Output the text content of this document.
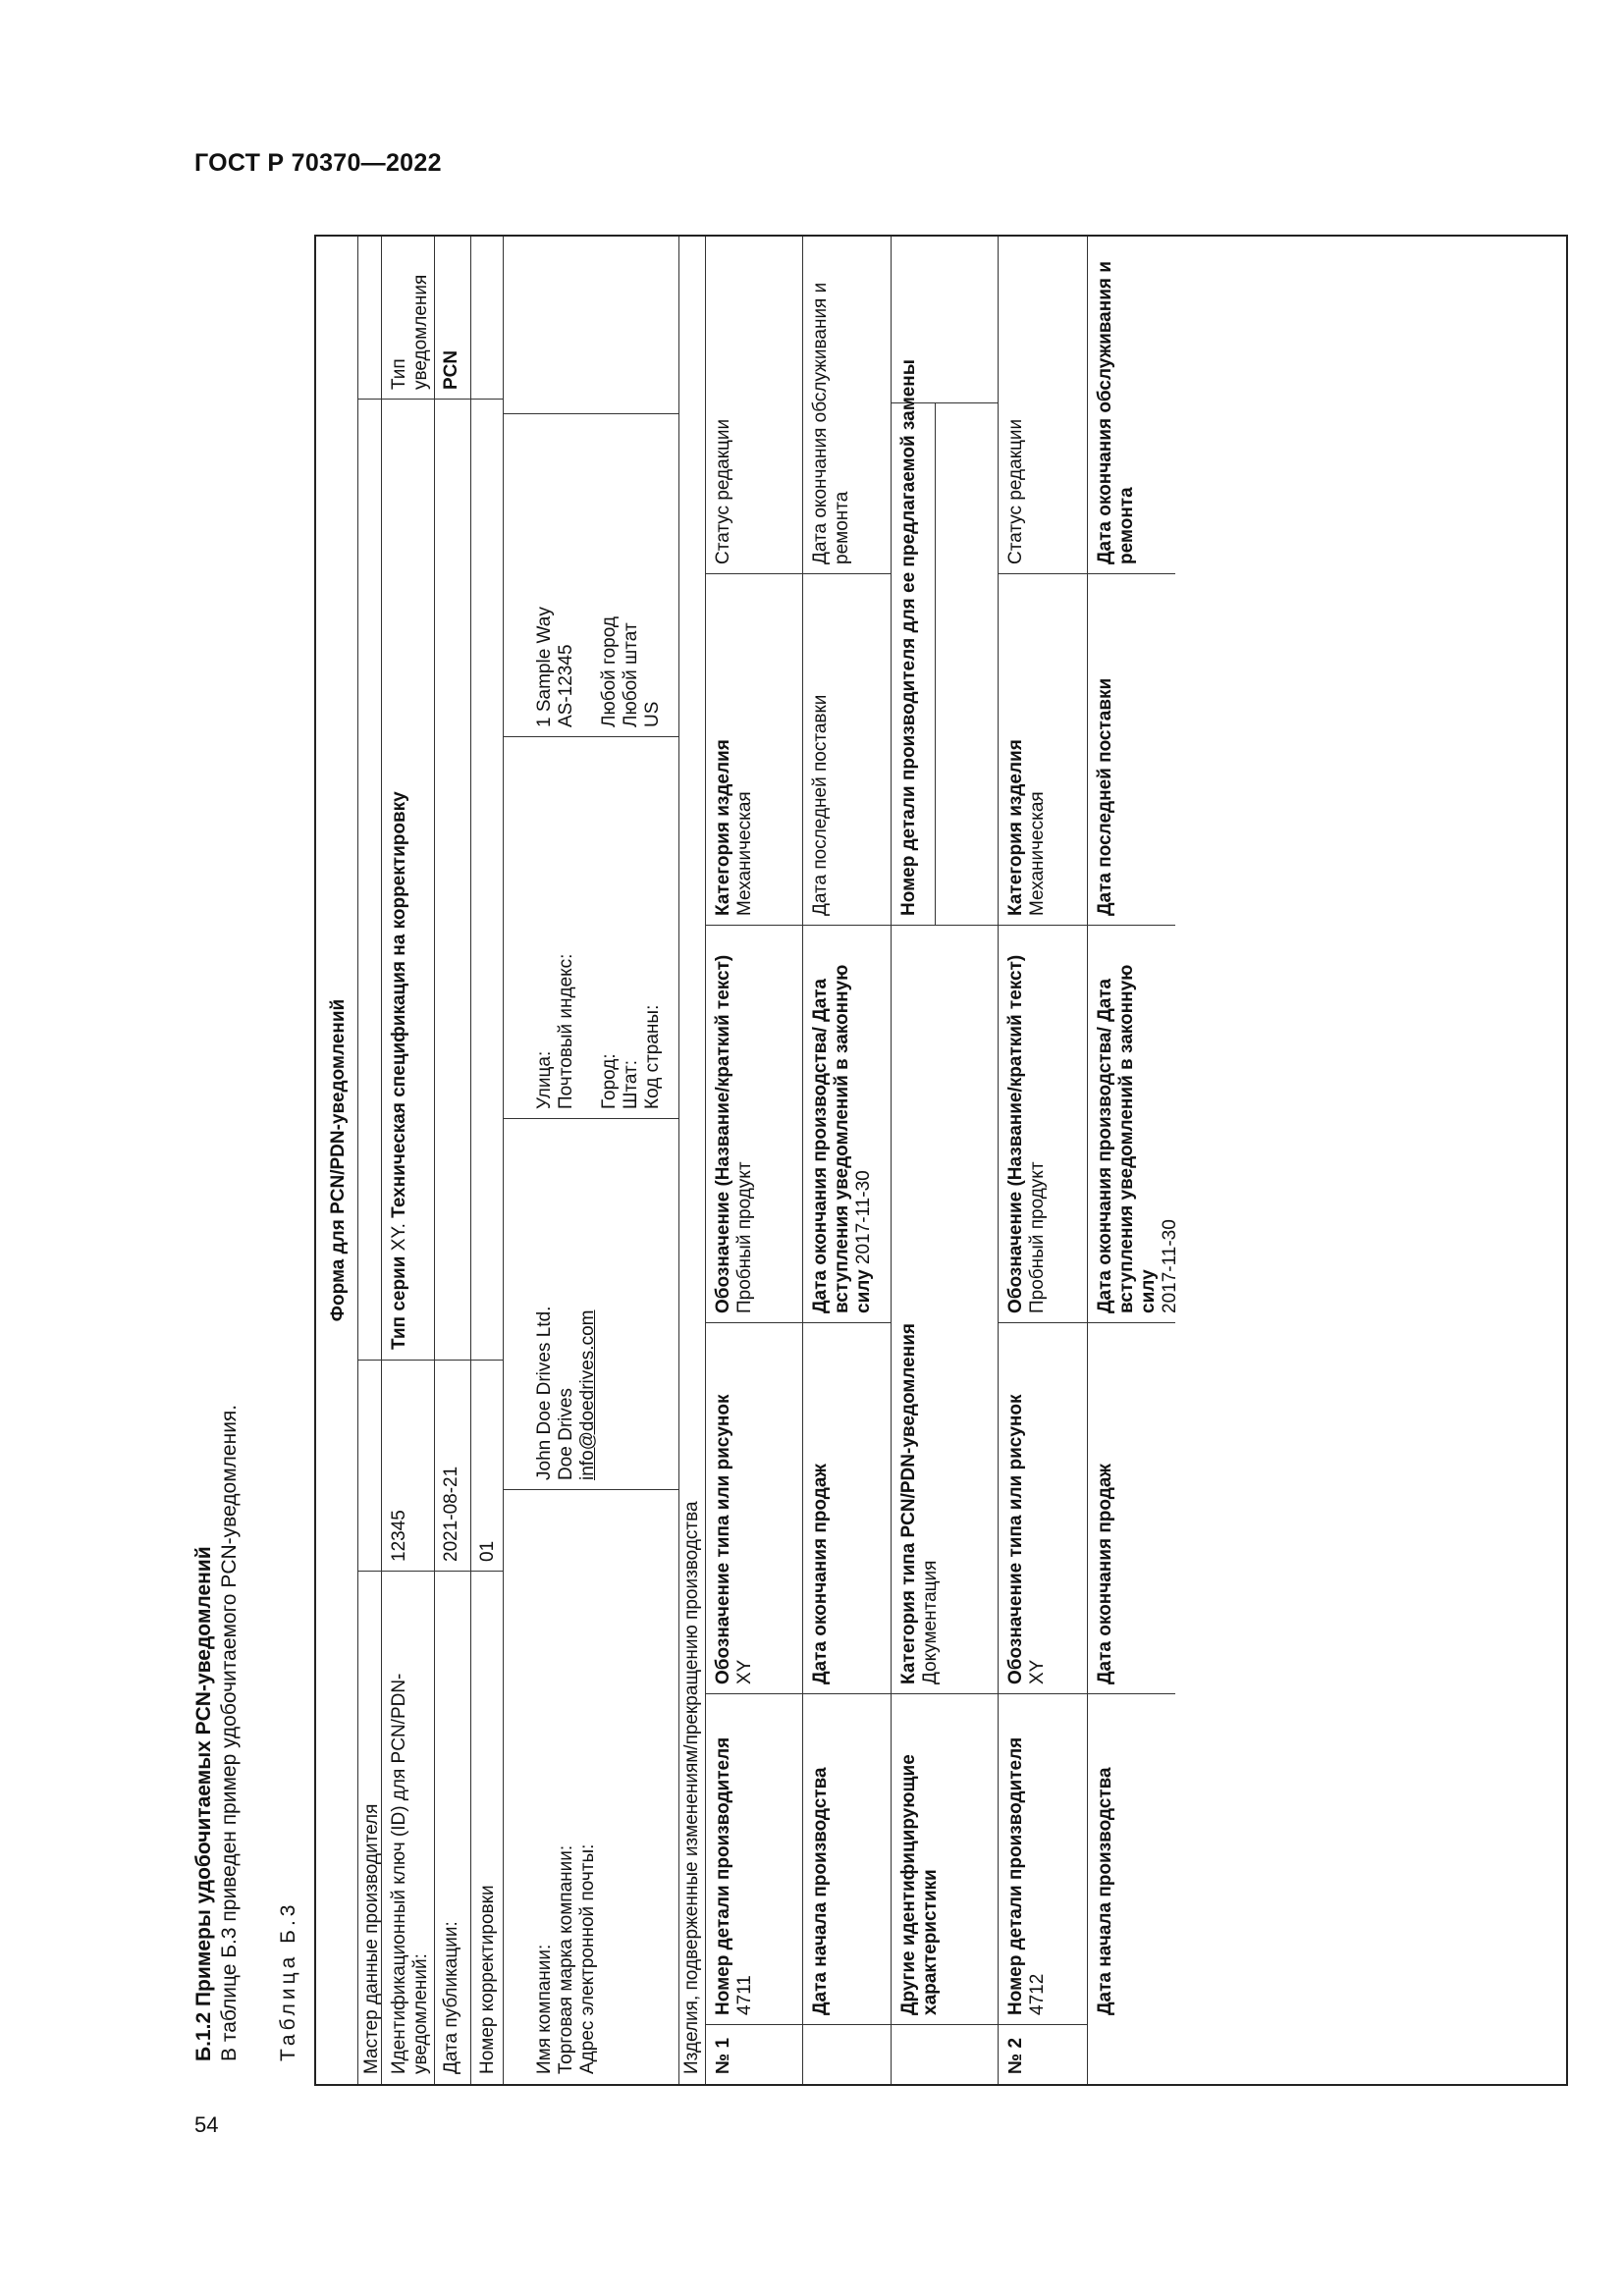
ГОСТ Р 70370—2022
54
Б.1.2 Примеры удобочитаемых PCN-уведомлений В таблице Б.3 приведен пример удобочитаемого PCN-уведомления. Таблица Б.3
Форма для PCN/PDN-уведомлений
Мастер данные производителя Идентификационный ключ (ID) для PCN/PDN-уведомлений:
12345
Тип серии XY. Техническая спецификация на корректировку
Тип уведомления
Дата публикации:
2021-08-21
PCN
Номер корректировки
01
Имя компании: Торговая марка компании: Адрес электронной почты:
John Doe Drives Ltd. Doe Drives info@doedrives.com
Улица: Почтовый индекс: Город: Штат: Код страны:
1 Sample Way AS-12345 Любой город Любой штат US
Изделия, подверженные изменениям/прекращению производства № 1
Номер детали производителя 4711
Обозначение типа или рисунок XY
Обозначение (Название/краткий текст) Пробный продукт
Категория изделия Механическая
Статус редакции
Дата начала производства
Дата окончания продаж
Дата окончания производства/ Дата вступления уведомлений в законную силу 2017-11-30
Дата последней поставки
Дата окончания обслуживания и ремонта
Другие идентифицирующие характеристики
Категория типа PCN/PDN-уведомления Документация
Номер детали производителя для ее предлагаемой замены
№ 2
Номер детали производителя 4712
Обозначение типа или рисунок XY
Обозначение (Название/краткий текст) Пробный продукт
Категория изделия Механическая
Статус редакции
Дата начала производства
Дата окончания продаж
Дата окончания производства/ Дата вступления уведомлений в законную силу 2017-11-30
Дата последней поставки
Дата окончания обслуживания и ремонта
